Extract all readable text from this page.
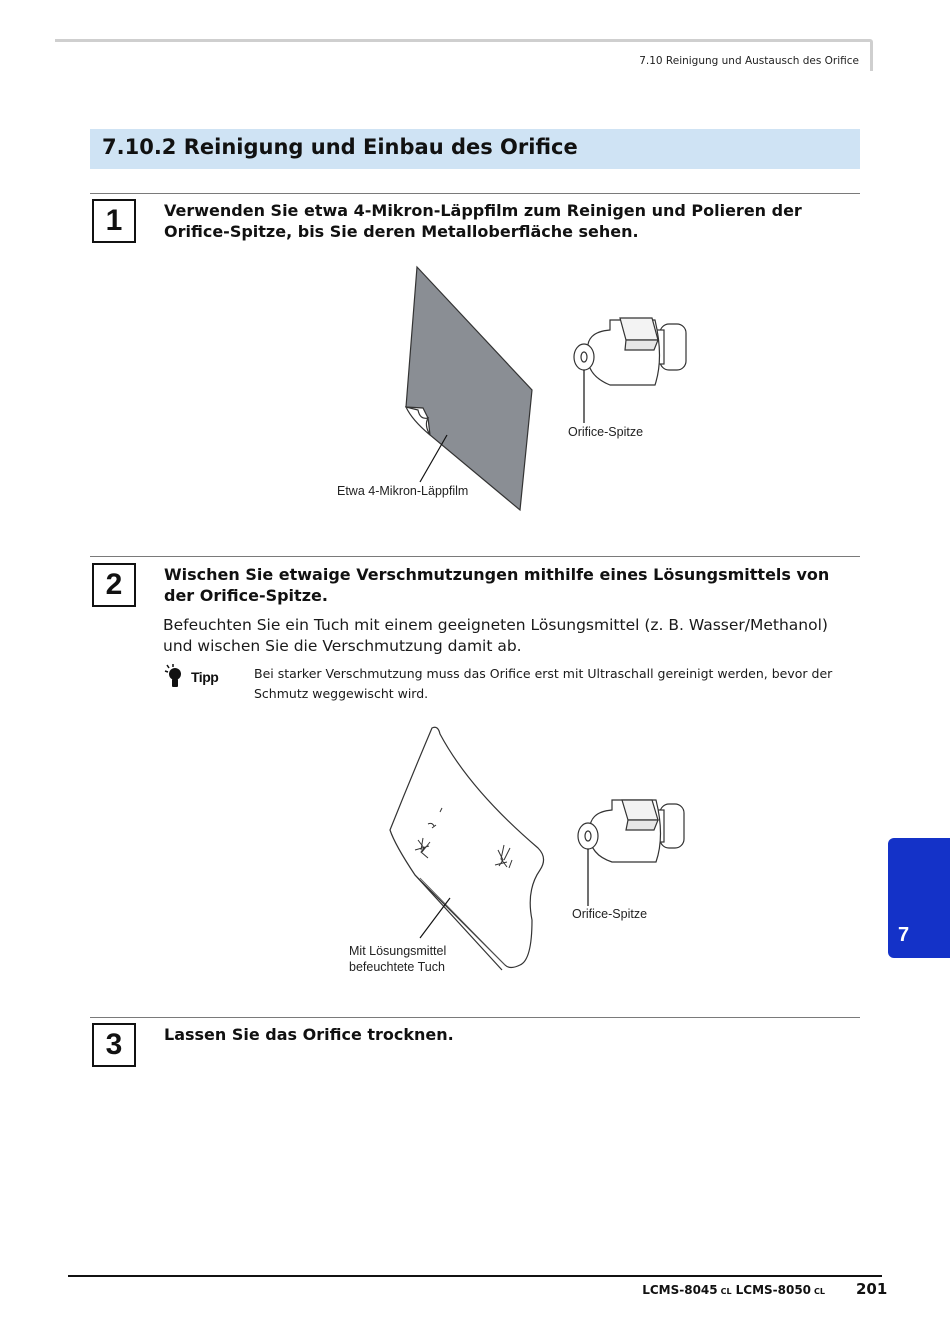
7.10 Reinigung und Austausch des Orifice
7.10.2 Reinigung und Einbau des Orifice
1	Verwenden Sie etwa 4-Mikron-Läppfilm zum Reinigen und Polieren der Orifice-Spitze, bis Sie deren Metalloberfläche sehen.
Etwa 4-Mikron-Läppfilm
Orifice-Spitze
2	Wischen Sie etwaige Verschmutzungen mithilfe eines Lösungsmittels von der Orifice-Spitze.
Befeuchten Sie ein Tuch mit einem geeigneten Lösungsmittel (z. B. Wasser/Methanol) und wischen Sie die Verschmutzung damit ab.
Tipp	Bei starker Verschmutzung muss das Orifice erst mit Ultraschall gereinigt werden, bevor der Schmutz weggewischt wird.
Mit Lösungsmittel
befeuchtete Tuch
Orifice-Spitze
3	Lassen Sie das Orifice trocknen.
7
LCMS-8045 CL LCMS-8050 CL 201
